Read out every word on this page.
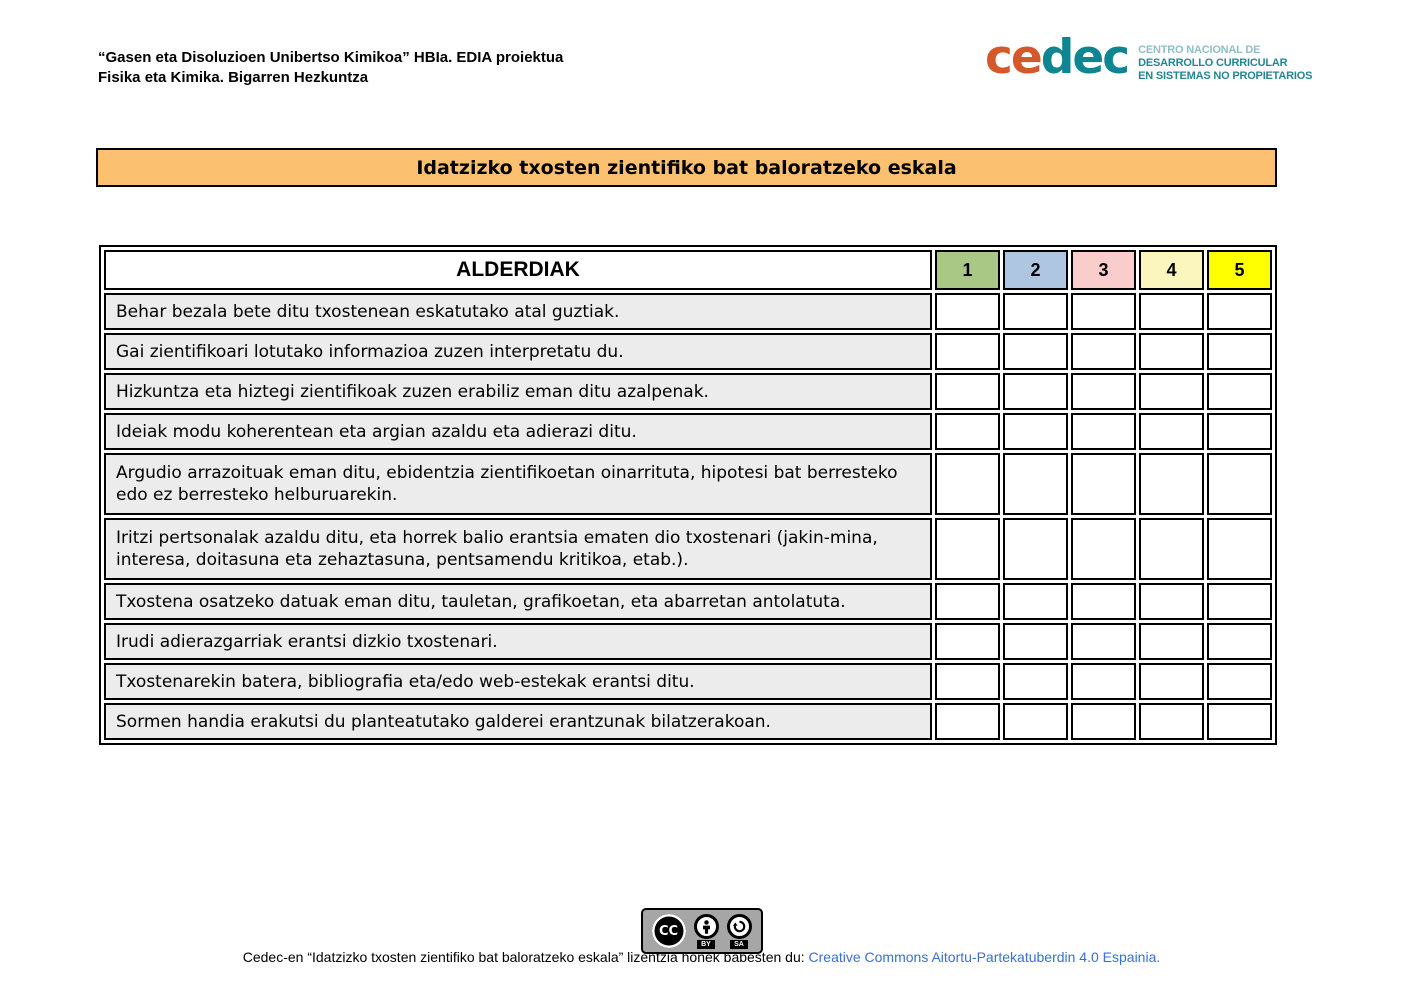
“Gasen eta Disoluzioen Unibertso Kimikoa” HBIa. EDIA proiektua
Fisika eta Kimika. Bigarren Hezkuntza	cedec CENTRO NACIONAL DE
DESARROLLO CURRICULAR
EN SISTEMAS NO PROPIETARIOS
Idatzizko txosten zientifiko bat baloratzeko eskala
ALDERDIAK	1	2	3	4	5
Behar bezala bete ditu txostenean eskatutako atal guztiak.					
Gai zientifikoari lotutako informazioa zuzen interpretatu du.					
Hizkuntza eta hiztegi zientifikoak zuzen erabiliz eman ditu azalpenak.					
Ideiak modu koherentean eta argian azaldu eta adierazi ditu.					
Argudio arrazoituak eman ditu, ebidentzia zientifikoetan oinarrituta, hipotesi bat berresteko edo ez berresteko helburuarekin.					
Iritzi pertsonalak azaldu ditu, eta horrek balio erantsia ematen dio txostenari (jakin-mina, interesa, doitasuna eta zehaztasuna, pentsamendu kritikoa, etab.).					
Txostena osatzeko datuak eman ditu, tauletan, grafikoetan, eta abarretan antolatuta.					
Irudi adierazgarriak erantsi dizkio txostenari.					
Txostenarekin batera, bibliografia eta/edo web-estekak erantsi ditu.					
Sormen handia erakutsi du planteatutako galderei erantzunak bilatzerakoan.					
CC
BY	SA
Cedec-en “Idatzizko txosten zientifiko bat baloratzeko eskala” lizentzia honek babesten du: Creative Commons Aitortu-Partekatuberdin 4.0 Espainia.
